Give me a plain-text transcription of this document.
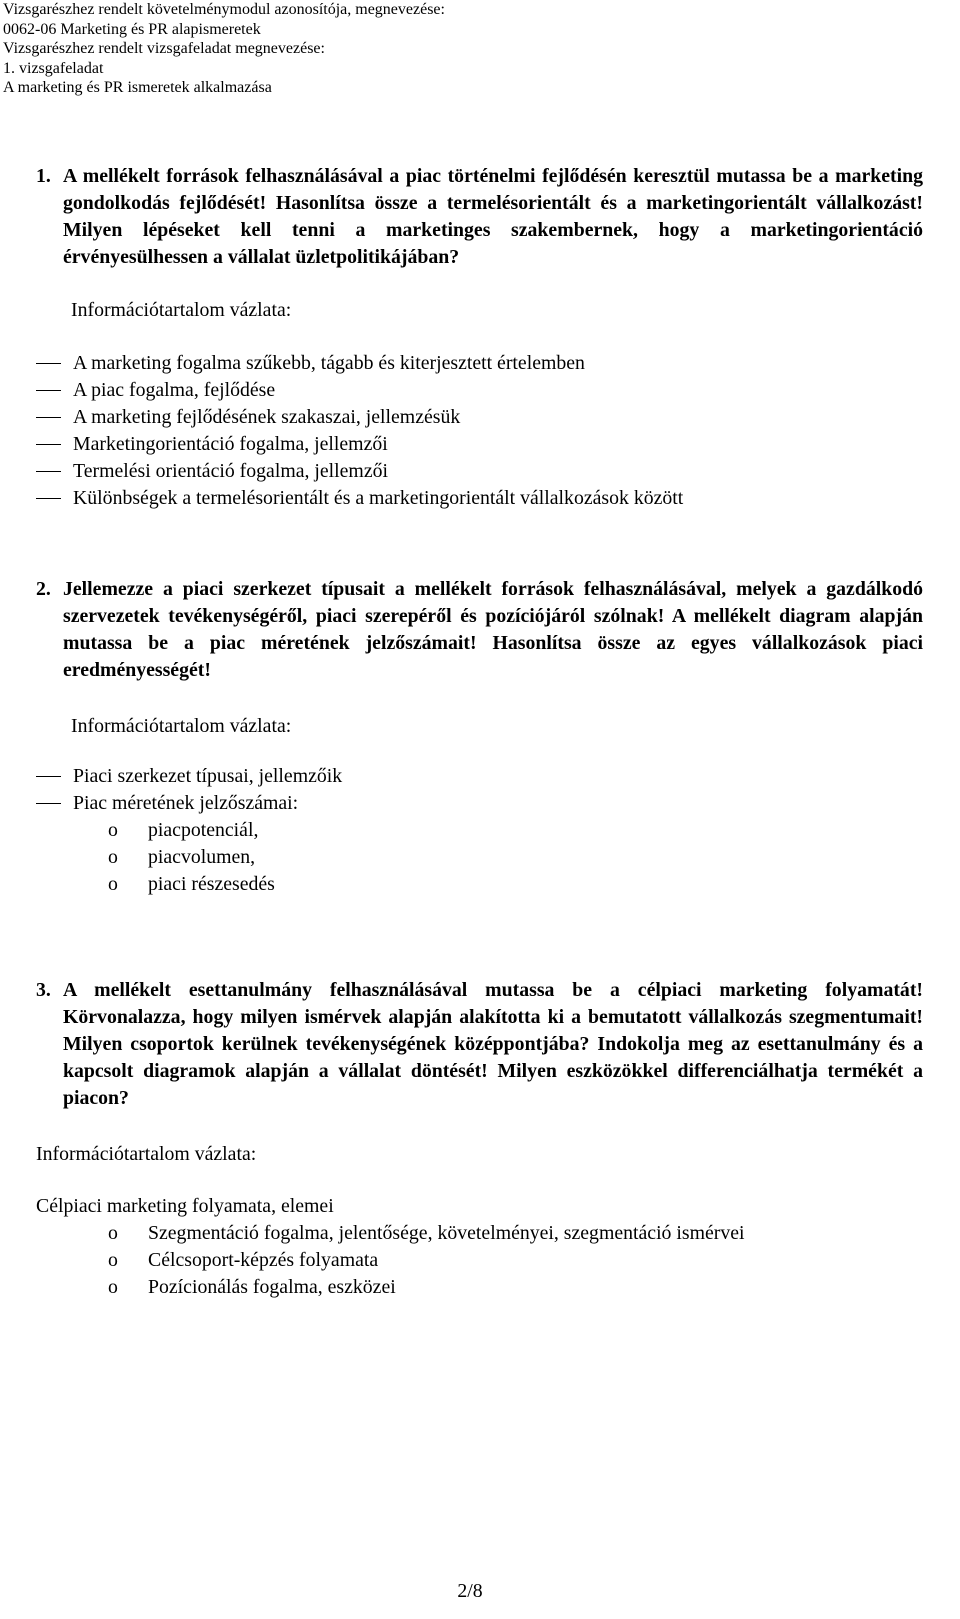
Vizsgarészhez rendelt követelménymodul azonosítója, megnevezése:
0062-06 Marketing és PR alapismeretek
Vizsgarészhez rendelt vizsgafeladat megnevezése:
1. vizsgafeladat
A marketing és PR ismeretek alkalmazása
1. A mellékelt források felhasználásával a piac történelmi fejlődésén keresztül mutassa be a marketing gondolkodás fejlődését! Hasonlítsa össze a termelésorientált és a marketingorientált vállalkozást! Milyen lépéseket kell tenni a marketinges szakembernek, hogy a marketingorientáció érvényesülhessen a vállalat üzletpolitikájában?
Információtartalom vázlata:
A marketing fogalma szűkebb, tágabb és kiterjesztett értelemben
A piac fogalma, fejlődése
A marketing fejlődésének szakaszai, jellemzésük
Marketingorientáció fogalma, jellemzői
Termelési orientáció fogalma, jellemzői
Különbségek a termelésorientált és a marketingorientált vállalkozások között
2. Jellemezze a piaci szerkezet típusait a mellékelt források felhasználásával, melyek a gazdálkodó szervezetek tevékenységéről, piaci szerepéről és pozíciójáról szólnak! A mellékelt diagram alapján mutassa be a piac méretének jelzőszámait! Hasonlítsa össze az egyes vállalkozások piaci eredményességét!
Információtartalom vázlata:
Piaci szerkezet típusai, jellemzőik
Piac méretének jelzőszámai:
o piacpotenciál,
o piacvolumen,
o piaci részesedés
3. A mellékelt esettanulmány felhasználásával mutassa be a célpiaci marketing folyamatát! Körvonalazza, hogy milyen ismérvek alapján alakította ki a bemutatott vállalkozás szegmentumait! Milyen csoportok kerülnek tevékenységének középpontjába? Indokolja meg az esettanulmány és a kapcsolt diagramok alapján a vállalat döntését! Milyen eszközökkel differenciálhatja termékét a piacon?
Információtartalom vázlata:
Célpiaci marketing folyamata, elemei
o Szegmentáció fogalma, jelentősége, követelményei, szegmentáció ismérvei
o Célcsoport-képzés folyamata
o Pozícionálás fogalma, eszközei
2/8
